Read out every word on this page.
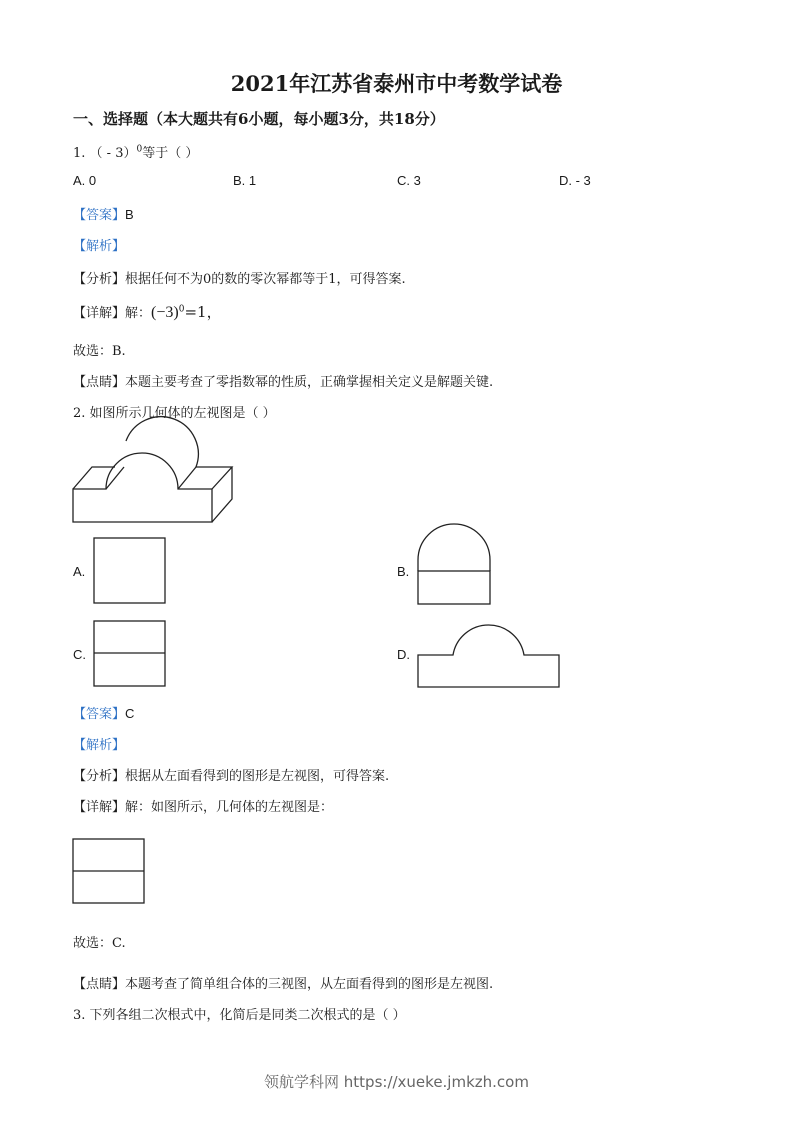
2021年江苏省泰州市中考数学试卷
一、选择题（本大题共有6小题，每小题3分，共18分）
1. （ - 3）$^0$等于（ ）
A. 0	B. 1	C. 3	D. - 3
【答案】B
【解析】
【分析】根据任何不为0的数的零次幂都等于1，可得答案.
【详解】解：$(-3)^0=1$，
故选：B.
【点睛】本题主要考查了零指数幂的性质，正确掌握相关定义是解题关键.
2. 如图所示几何体的左视图是（ ）
A.	B.
C.	D.
【答案】C
【解析】
【分析】根据从左面看得到的图形是左视图，可得答案.
【详解】解：如图所示，几何体的左视图是：
故选：C.
【点睛】本题考查了简单组合体的三视图，从左面看得到的图形是左视图.
3. 下列各组二次根式中，化简后是同类二次根式的是（ ）
领航学科网 https://xueke.jmkzh.com
